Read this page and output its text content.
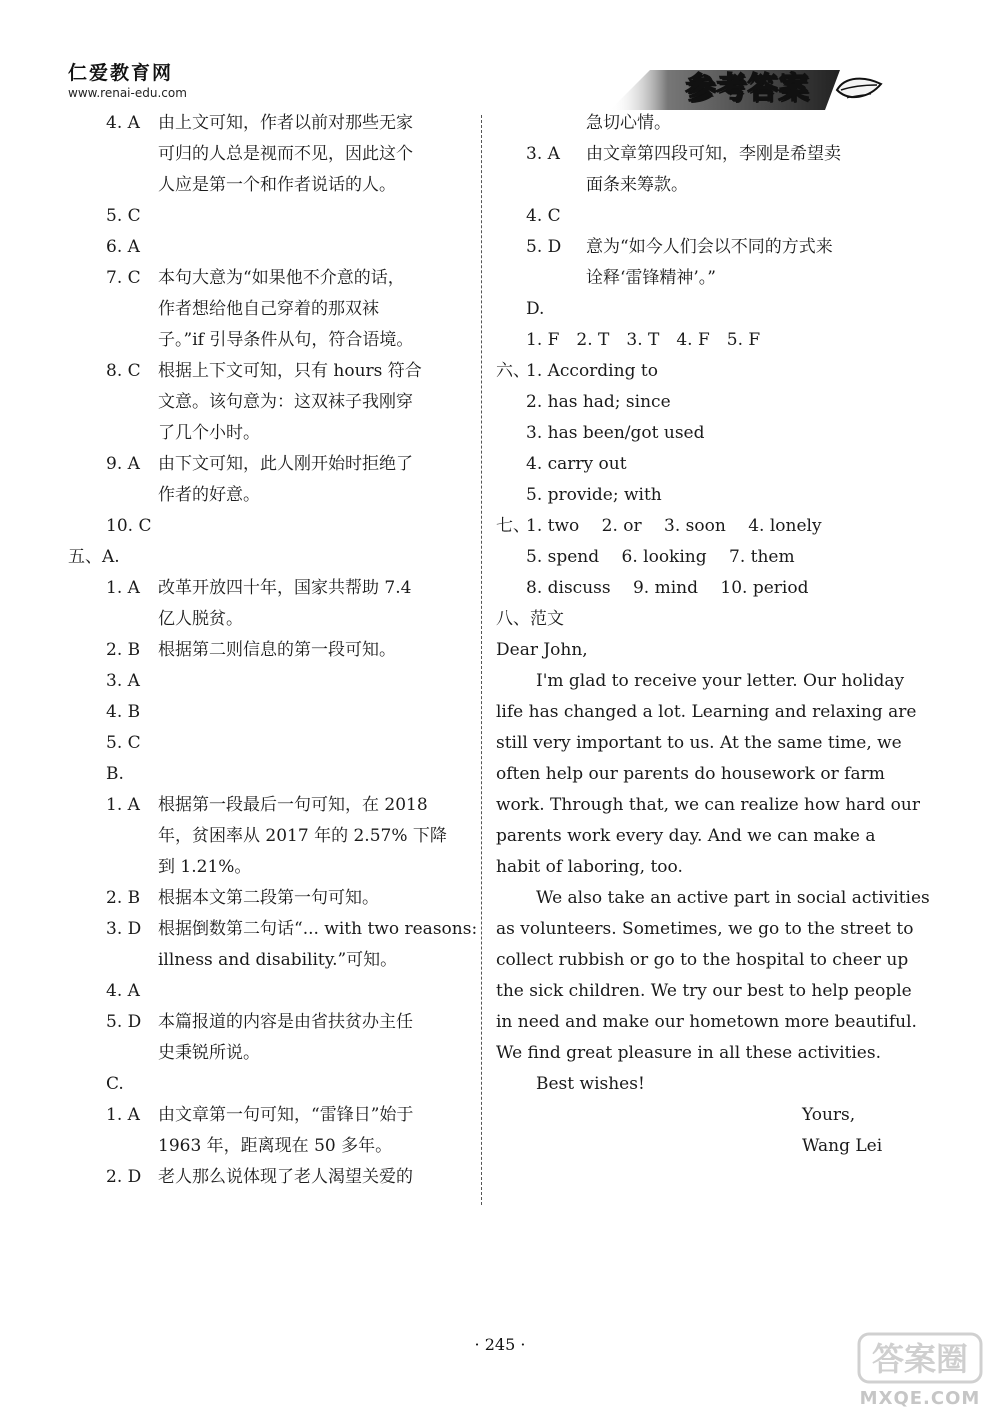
仁爱教育网
www.renai-edu.com	参考答案
4. A 由上文可知，作者以前对那些无家
可归的人总是视而不见，因此这个
人应是第一个和作者说话的人。
5. C
6. A
7. C 本句大意为“如果他不介意的话，
作者想给他自己穿着的那双袜
子。”if 引导条件从句，符合语境。
8. C 根据上下文可知，只有 hours 符合
文意。该句意为：这双袜子我刚穿
了几个小时。
9. A 由下文可知，此人刚开始时拒绝了
作者的好意。
10. C
五、A.
1. A 改革开放四十年，国家共帮助 7.4
亿人脱贫。
2. B 根据第二则信息的第一段可知。
3. A
4. B
5. C
B.
1. A 根据第一段最后一句可知，在 2018
年，贫困率从 2017 年的 2.57% 下降
到 1.21%。
2. B 根据本文第二段第一句可知。
3. D 根据倒数第二句话“... with two reasons:
illness and disability.”可知。
4. A
5. D 本篇报道的内容是由省扶贫办主任
史秉锐所说。
C.
1. A 由文章第一句可知，“雷锋日”始于
1963 年，距离现在 50 多年。
2. D 老人那么说体现了老人渴望关爱的
急切心情。
3. A 由文章第四段可知，李刚是希望卖
面条来筹款。
4. C
5. D 意为“如今人们会以不同的方式来
诠释‘雷锋精神’。”
D.
1. F　2. T　3. T　4. F　5. F
六、
1. According to
2. has had; since
3. has been/got used
4. carry out
5. provide; with
七、
1. two　 2. or　 3. soon　 4. lonely
5. spend　 6. looking　 7. them
8. discuss　 9. mind　 10. period
八、范文
Dear John,
I'm glad to receive your letter. Our holiday
life has changed a lot. Learning and relaxing are
still very important to us. At the same time, we
often help our parents do housework or farm
work. Through that, we can realize how hard our
parents work every day. And we can make a
habit of laboring, too.
We also take an active part in social activities
as volunteers. Sometimes, we go to the street to
collect rubbish or go to the hospital to cheer up
the sick children. We try our best to help people
in need and make our hometown more beautiful.
We find great pleasure in all these activities.
Best wishes!
Yours,
Wang Lei
· 245 ·	答案圈
MXQE.COM
